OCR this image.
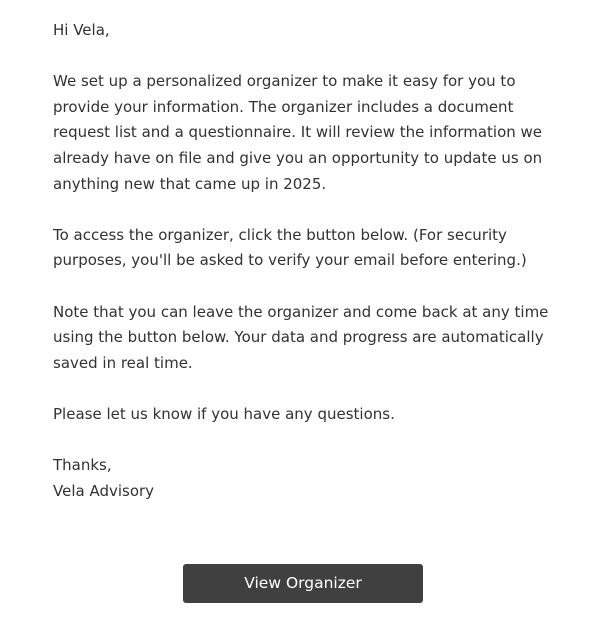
Hi Vela,

We set up a personalized organizer to make it easy for you to provide your information. The organizer includes a document request list and a questionnaire. It will review the information we already have on file and give you an opportunity to update us on anything new that came up in 2025.

To access the organizer, click the button below. (For security purposes, you'll be asked to verify your email before entering.)

Note that you can leave the organizer and come back at any time using the button below. Your data and progress are automatically saved in real time.

Please let us know if you have any questions.

Thanks,
Vela Advisory

View Organizer
